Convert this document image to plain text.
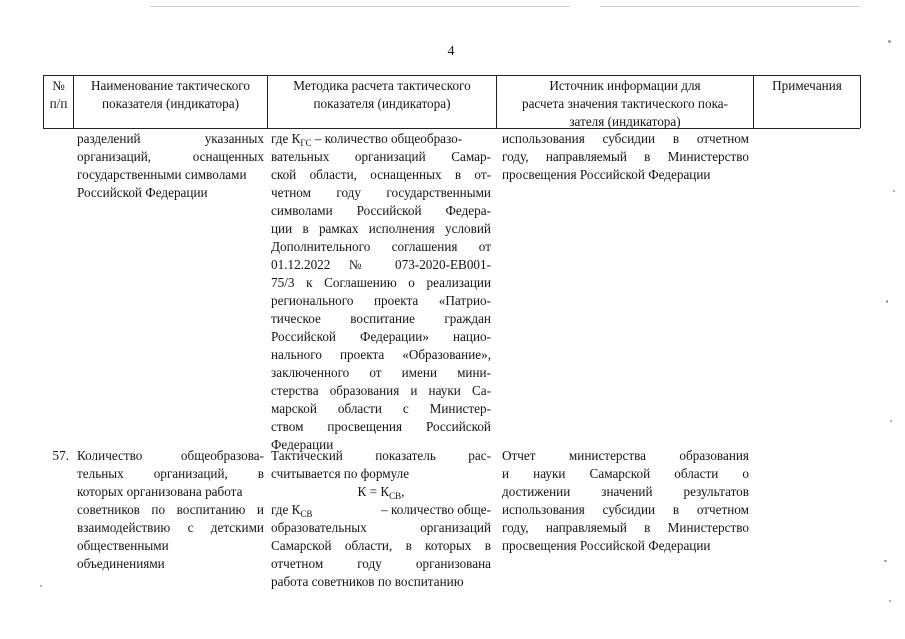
4
№
п/п
Наименование тактического
показателя (индикатора)
Методика расчета тактического
показателя (индикатора)
Источник информации для
расчета значения тактического пока-
зателя (индикатора)
Примечания
разделений указанных
организаций, оснащенных
государственными символами
Российской Федерации
где $К_{ГС}$ – количество общеобразо-
вательных организаций Самар-
ской области, оснащенных в от-
четном году государственными
символами Российской Федера-
ции в рамках исполнения условий
Дополнительного соглашения от
01.12.2022 № 073-2020-ЕВ001-
75/3 к Соглашению о реализации
регионального проекта «Патрио-
тическое воспитание граждан
Российской Федерации» нацио-
нального проекта «Образование»,
заключенного от имени мини-
стерства образования и науки Са-
марской области с Министер-
ством просвещения Российской
Федерации
использования субсидии в отчетном
году, направляемый в Министерство
просвещения Российской Федерации
57. Количество общеобразова-
тельных организаций, в
которых организована работа
советников по воспитанию и
взаимодействию с детскими
общественными
объединениями
Тактический показатель рас-
считывается по формуле
$К = К_{СВ}$,
где $К_{СВ}$	– количество обще-
образовательных организаций
Самарской области, в которых в
отчетном году организована
работа советников по воспитанию
Отчет министерства образования
и науки Самарской области о
достижении значений результатов
использования субсидии в отчетном
году, направляемый в Министерство
просвещения Российской Федерации
